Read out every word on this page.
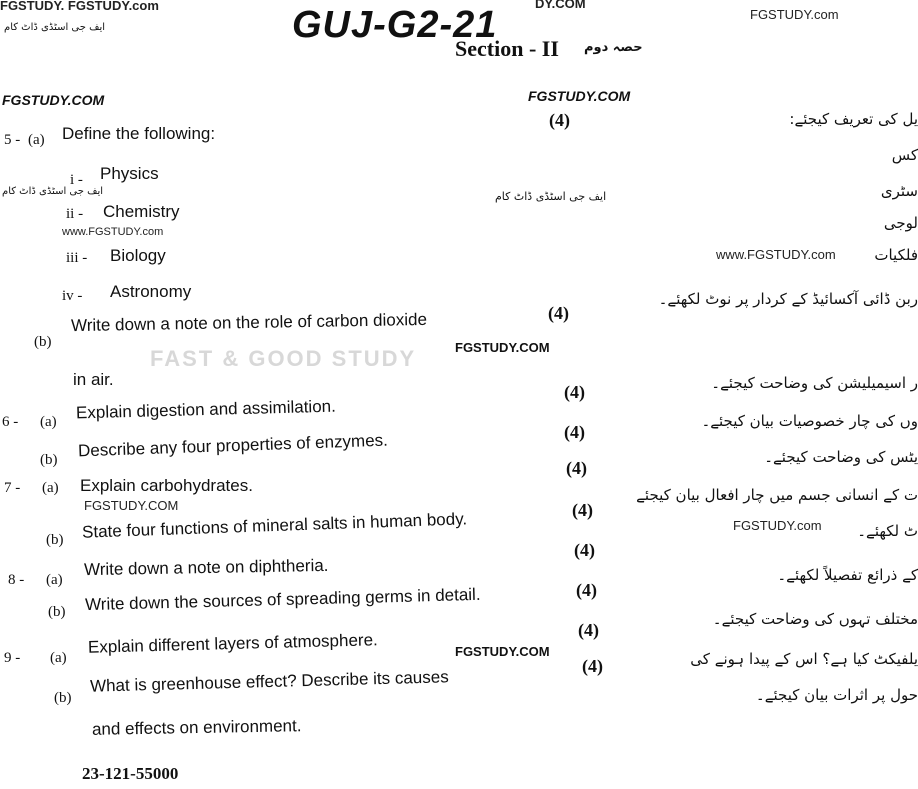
FGSTUDY. FGSTUDY.com
ایف جی اسٹڈی ڈاٹ کام	GUJ-G2-21
DY.COM
Section - II حصہ دوم
FGSTUDY.com
FGSTUDY.COM	FGSTUDY.COM
ایف جی اسٹڈی ڈاٹ کام	ایف جی اسٹڈی ڈاٹ کام
www.FGSTUDY.com
www.FGSTUDY.com
FGSTUDY.COM
FGSTUDY.COM
FGSTUDY.com
FGSTUDY.COM
FAST & GOOD STUDY
5 - (a) Define the following:
(4)
i - Physics
ii - Chemistry
iii - Biology
iv - Astronomy
(b)
Write down a note on the role of carbon dioxide
in air.
(4)
6 - (a) Explain digestion and assimilation.
(4)
(b) Describe any four properties of enzymes.	(4)
7 - (a) Explain carbohydrates.
(4)
(b) State four functions of mineral salts in human body.	(4)
8 - (a)
Write down a note on diphtheria.
(4)
(b) Write down the sources of spreading germs in detail.	(4)
9 - (a)
Explain different layers of atmosphere.
(4)
(b)
What is greenhouse effect? Describe its causes
and effects on environment.
(4)
یل کی تعریف کیجئے:
کس
سٹری
لوجی
فلکیات
ربن ڈائی آکسائیڈ کے کردار پر نوٹ لکھئے۔
ر اسیمیلیشن کی وضاحت کیجئے۔
وں کی چار خصوصیات بیان کیجئے۔
یٹس کی وضاحت کیجئے۔
ت کے انسانی جسم میں چار افعال بیان کیجئے
ٹ لکھئے۔
کے ذرائع تفصیلاً لکھئے۔
مختلف تہوں کی وضاحت کیجئے۔
یلفیکٹ کیا ہے؟ اس کے پیدا ہونے کی
حول پر اثرات بیان کیجئے۔
23-121-55000
